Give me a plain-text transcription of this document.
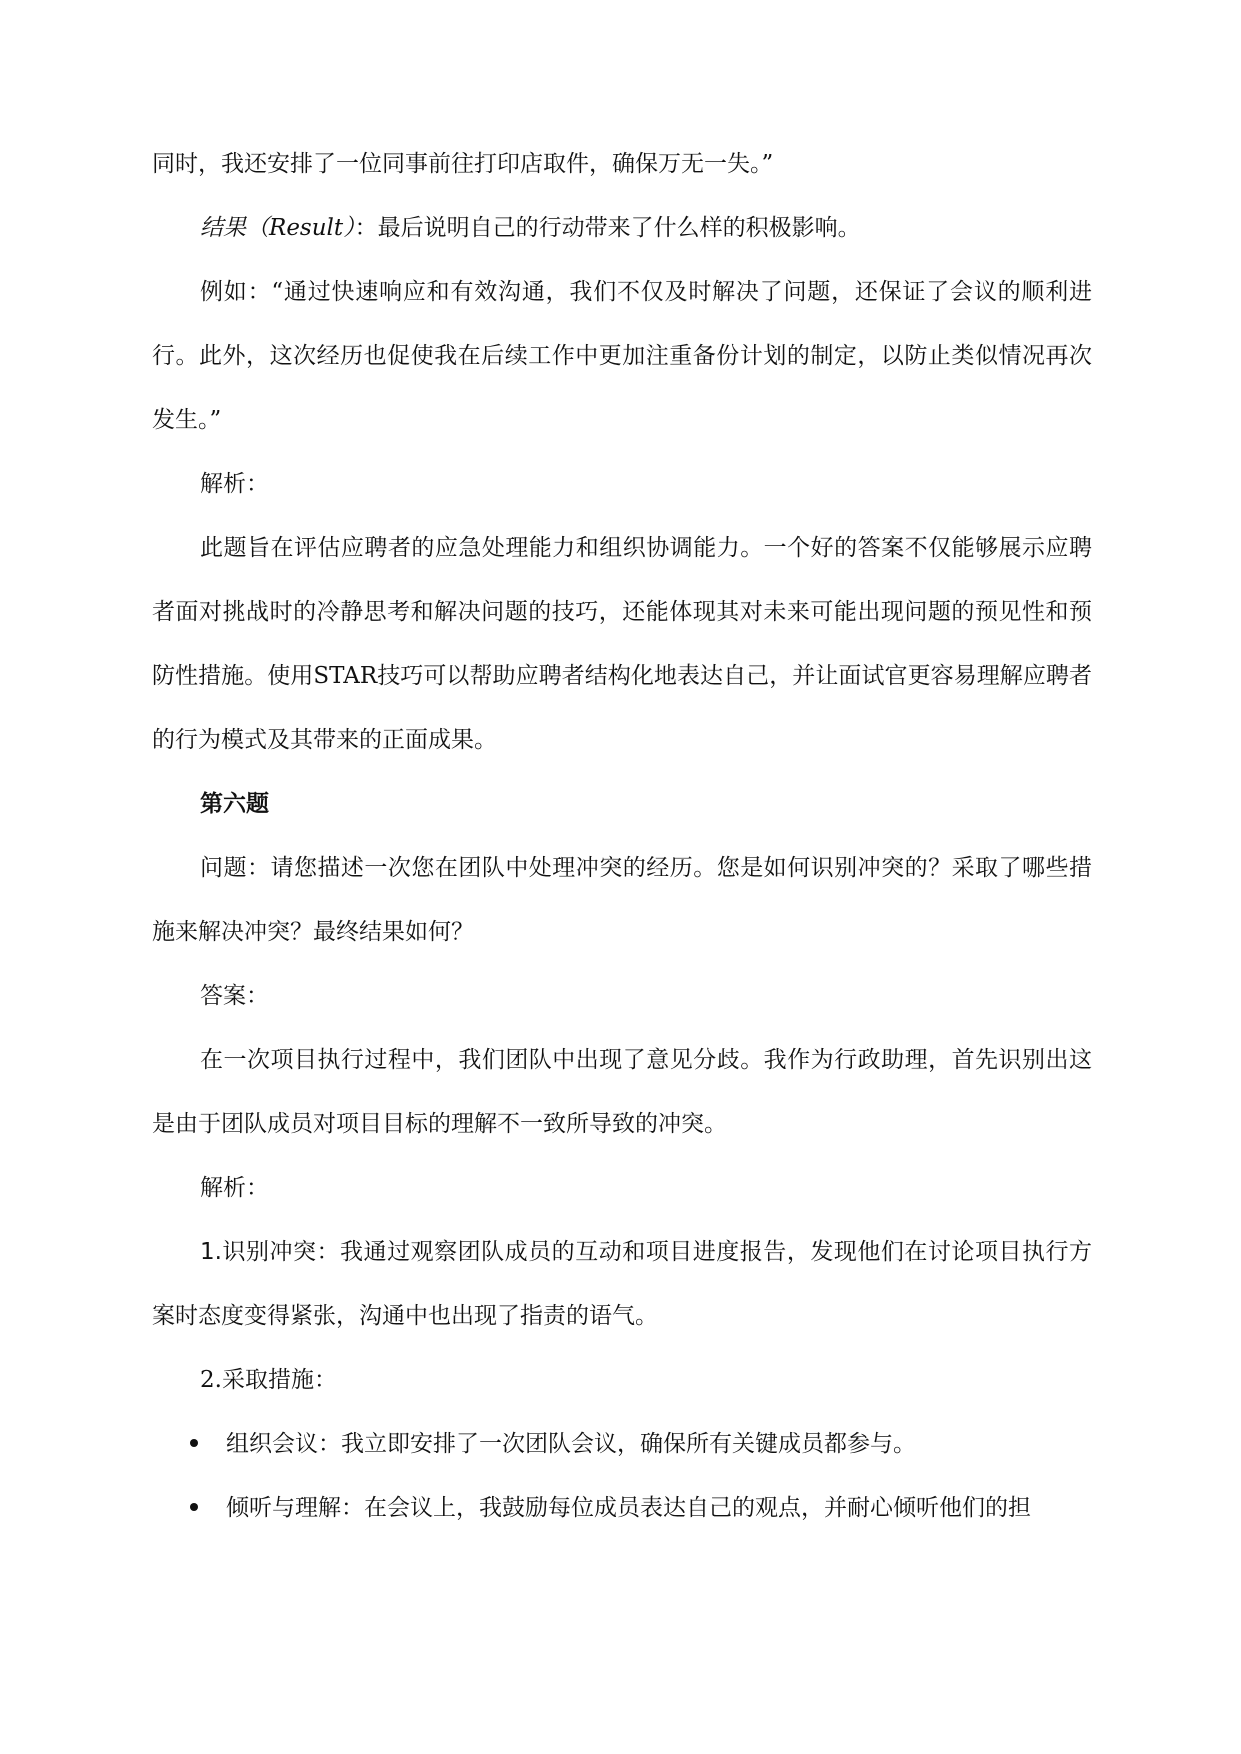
同时，我还安排了一位同事前往打印店取件，确保万无一失。”

结果（Result）：最后说明自己的行动带来了什么样的积极影响。

例如：“通过快速响应和有效沟通，我们不仅及时解决了问题，还保证了会议的顺利进行。此外，这次经历也促使我在后续工作中更加注重备份计划的制定，以防止类似情况再次发生。”

解析：

此题旨在评估应聘者的应急处理能力和组织协调能力。一个好的答案不仅能够展示应聘者面对挑战时的冷静思考和解决问题的技巧，还能体现其对未来可能出现问题的预见性和预防性措施。使用STAR技巧可以帮助应聘者结构化地表达自己，并让面试官更容易理解应聘者的行为模式及其带来的正面成果。

第六题

问题：请您描述一次您在团队中处理冲突的经历。您是如何识别冲突的？采取了哪些措施来解决冲突？最终结果如何？

答案：

在一次项目执行过程中，我们团队中出现了意见分歧。我作为行政助理，首先识别出这是由于团队成员对项目目标的理解不一致所导致的冲突。

解析：

1.识别冲突：我通过观察团队成员的互动和项目进度报告，发现他们在讨论项目执行方案时态度变得紧张，沟通中也出现了指责的语气。

2.采取措施：

组织会议：我立即安排了一次团队会议，确保所有关键成员都参与。

倾听与理解：在会议上，我鼓励每位成员表达自己的观点，并耐心倾听他们的担
